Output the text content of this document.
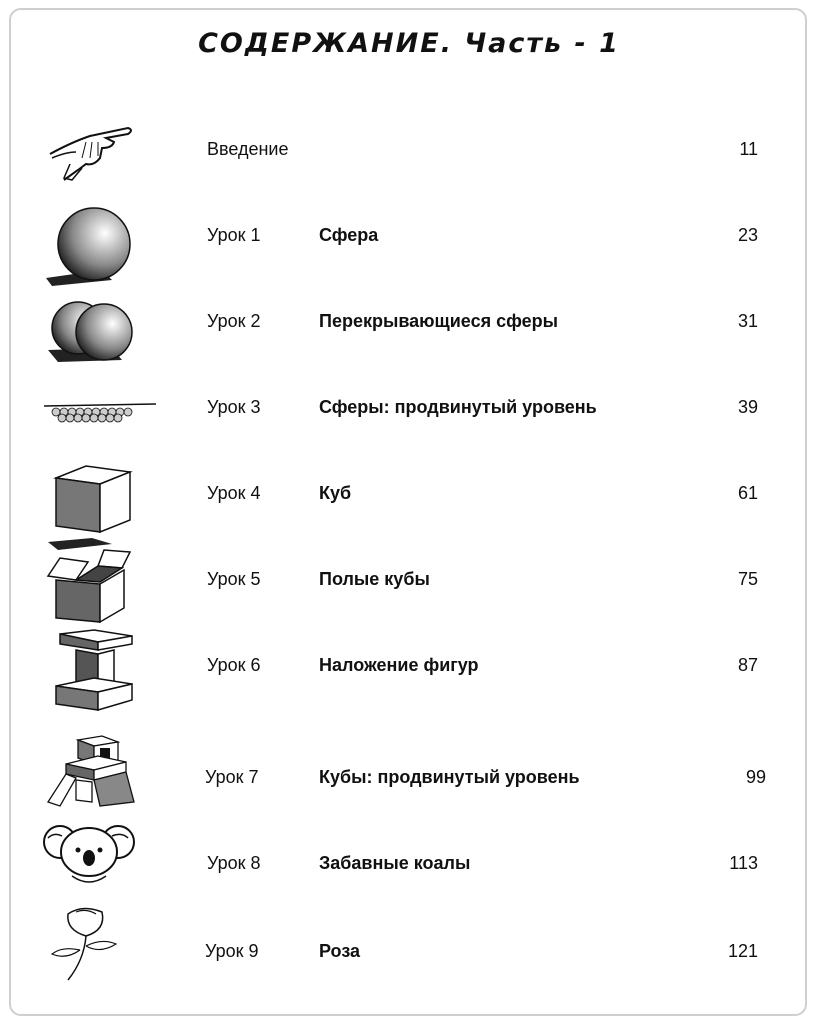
СОДЕРЖАНИЕ. Часть - 1
Введение	11
Урок 1	Сфера	23
Урок 2	Перекрывающиеся сферы	31
Урок 3	Сферы: продвинутый уровень	39
Урок 4	Куб	61
Урок 5	Полые кубы	75
Урок 6	Наложение фигур	87
Урок 7	Кубы: продвинутый уровень	99
Урок 8	Забавные коалы	113
Урок 9	Роза	121
